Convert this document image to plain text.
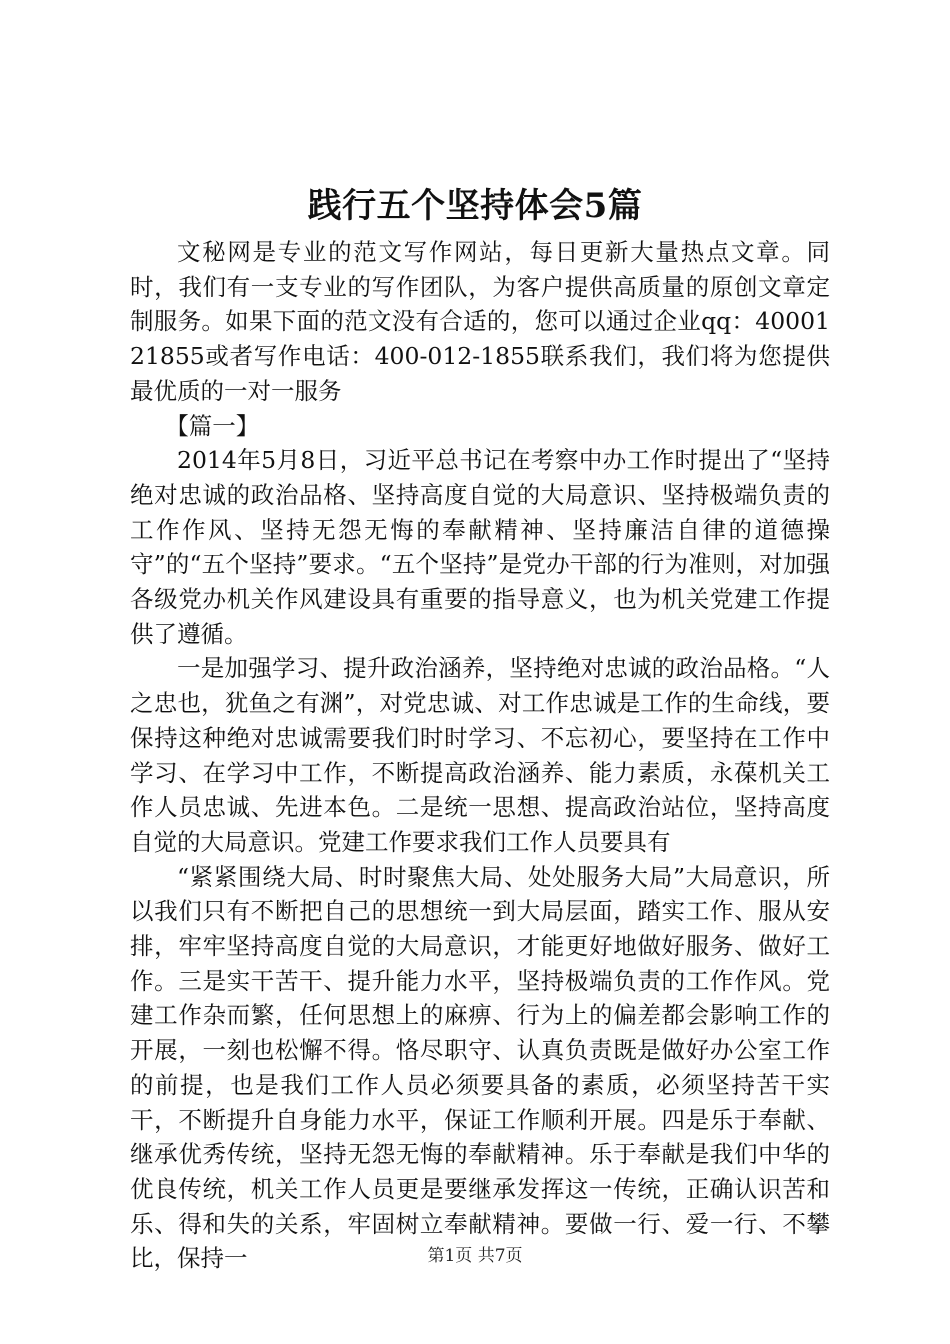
践行五个坚持体会5篇

文秘网是专业的范文写作网站，每日更新大量热点文章。同时，我们有一支专业的写作团队，为客户提供高质量的原创文章定制服务。如果下面的范文没有合适的，您可以通过企业qq：4000121855或者写作电话：400-012-1855联系我们，我们将为您提供最优质的一对一服务

【篇一】

2014年5月8日，习近平总书记在考察中办工作时提出了“坚持绝对忠诚的政治品格、坚持高度自觉的大局意识、坚持极端负责的工作作风、坚持无怨无悔的奉献精神、坚持廉洁自律的道德操守”的“五个坚持”要求。“五个坚持”是党办干部的行为准则，对加强各级党办机关作风建设具有重要的指导意义，也为机关党建工作提供了遵循。

一是加强学习、提升政治涵养，坚持绝对忠诚的政治品格。“人之忠也，犹鱼之有渊”，对党忠诚、对工作忠诚是工作的生命线，要保持这种绝对忠诚需要我们时时学习、不忘初心，要坚持在工作中学习、在学习中工作，不断提高政治涵养、能力素质，永葆机关工作人员忠诚、先进本色。二是统一思想、提高政治站位，坚持高度自觉的大局意识。党建工作要求我们工作人员要具有

“紧紧围绕大局、时时聚焦大局、处处服务大局”大局意识，所以我们只有不断把自己的思想统一到大局层面，踏实工作、服从安排，牢牢坚持高度自觉的大局意识，才能更好地做好服务、做好工作。三是实干苦干、提升能力水平，坚持极端负责的工作作风。党建工作杂而繁，任何思想上的麻痹、行为上的偏差都会影响工作的开展，一刻也松懈不得。恪尽职守、认真负责既是做好办公室工作的前提，也是我们工作人员必须要具备的素质，必须坚持苦干实干，不断提升自身能力水平，保证工作顺利开展。四是乐于奉献、继承优秀传统，坚持无怨无悔的奉献精神。乐于奉献是我们中华的优良传统，机关工作人员更是要继承发挥这一传统，正确认识苦和乐、得和失的关系，牢固树立奉献精神。要做一行、爱一行、不攀比，保持一	第1页 共7页
